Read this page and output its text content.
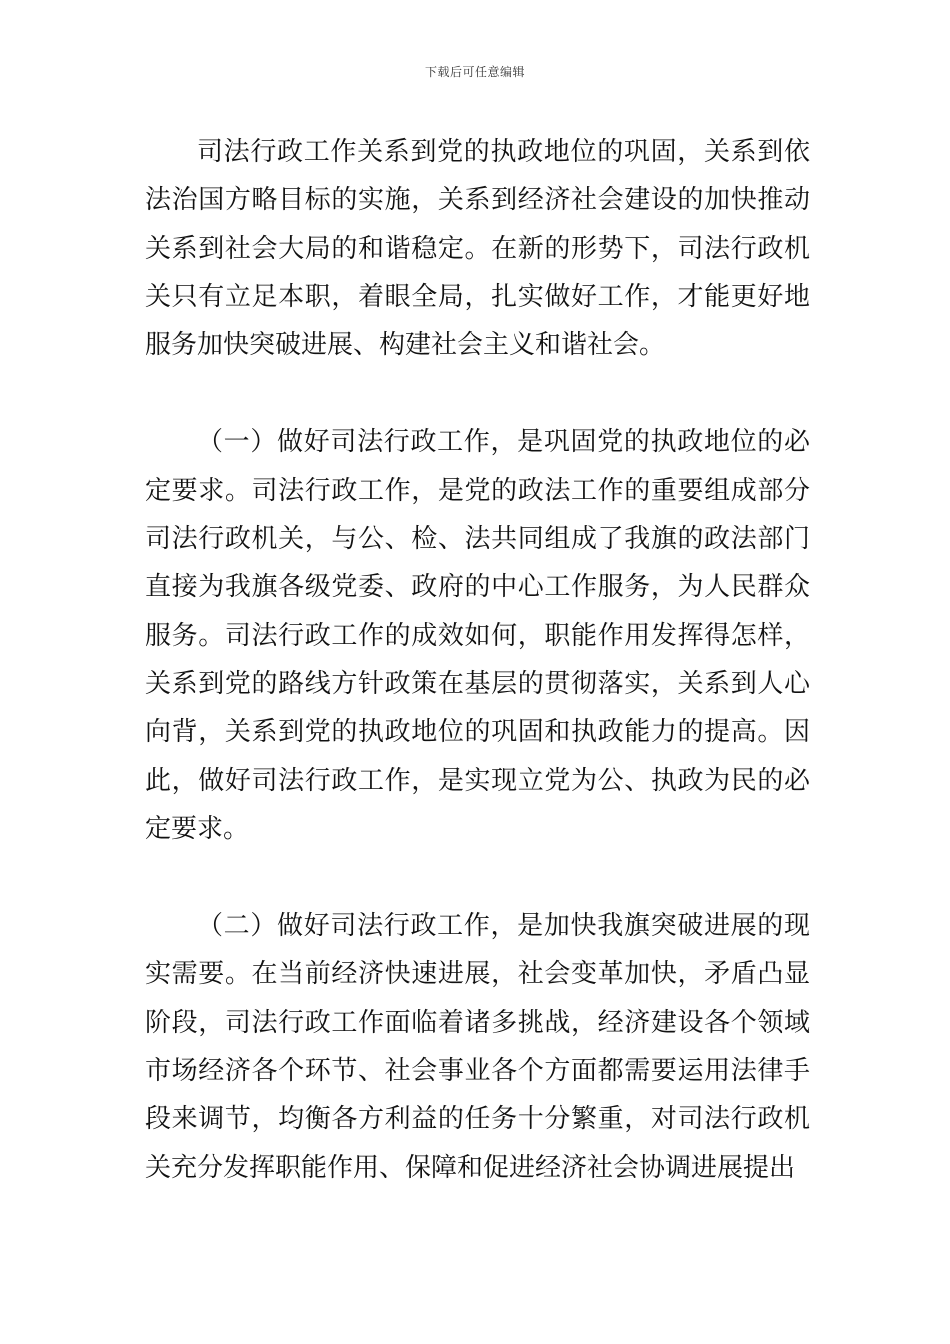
下载后可任意编辑

司法行政工作关系到党的执政地位的巩固，关系到依法治国方略目标的实施，关系到经济社会建设的加快推动关系到社会大局的和谐稳定。在新的形势下，司法行政机关只有立足本职，着眼全局，扎实做好工作，才能更好地服务加快突破进展、构建社会主义和谐社会。

（一）做好司法行政工作，是巩固党的执政地位的必定要求。司法行政工作，是党的政法工作的重要组成部分司法行政机关，与公、检、法共同组成了我旗的政法部门直接为我旗各级党委、政府的中心工作服务，为人民群众服务。司法行政工作的成效如何，职能作用发挥得怎样，关系到党的路线方针政策在基层的贯彻落实，关系到人心向背，关系到党的执政地位的巩固和执政能力的提高。因此，做好司法行政工作，是实现立党为公、执政为民的必定要求。

（二）做好司法行政工作，是加快我旗突破进展的现实需要。在当前经济快速进展，社会变革加快，矛盾凸显阶段，司法行政工作面临着诸多挑战，经济建设各个领域市场经济各个环节、社会事业各个方面都需要运用法律手段来调节，均衡各方利益的任务十分繁重，对司法行政机关充分发挥职能作用、保障和促进经济社会协调进展提出
